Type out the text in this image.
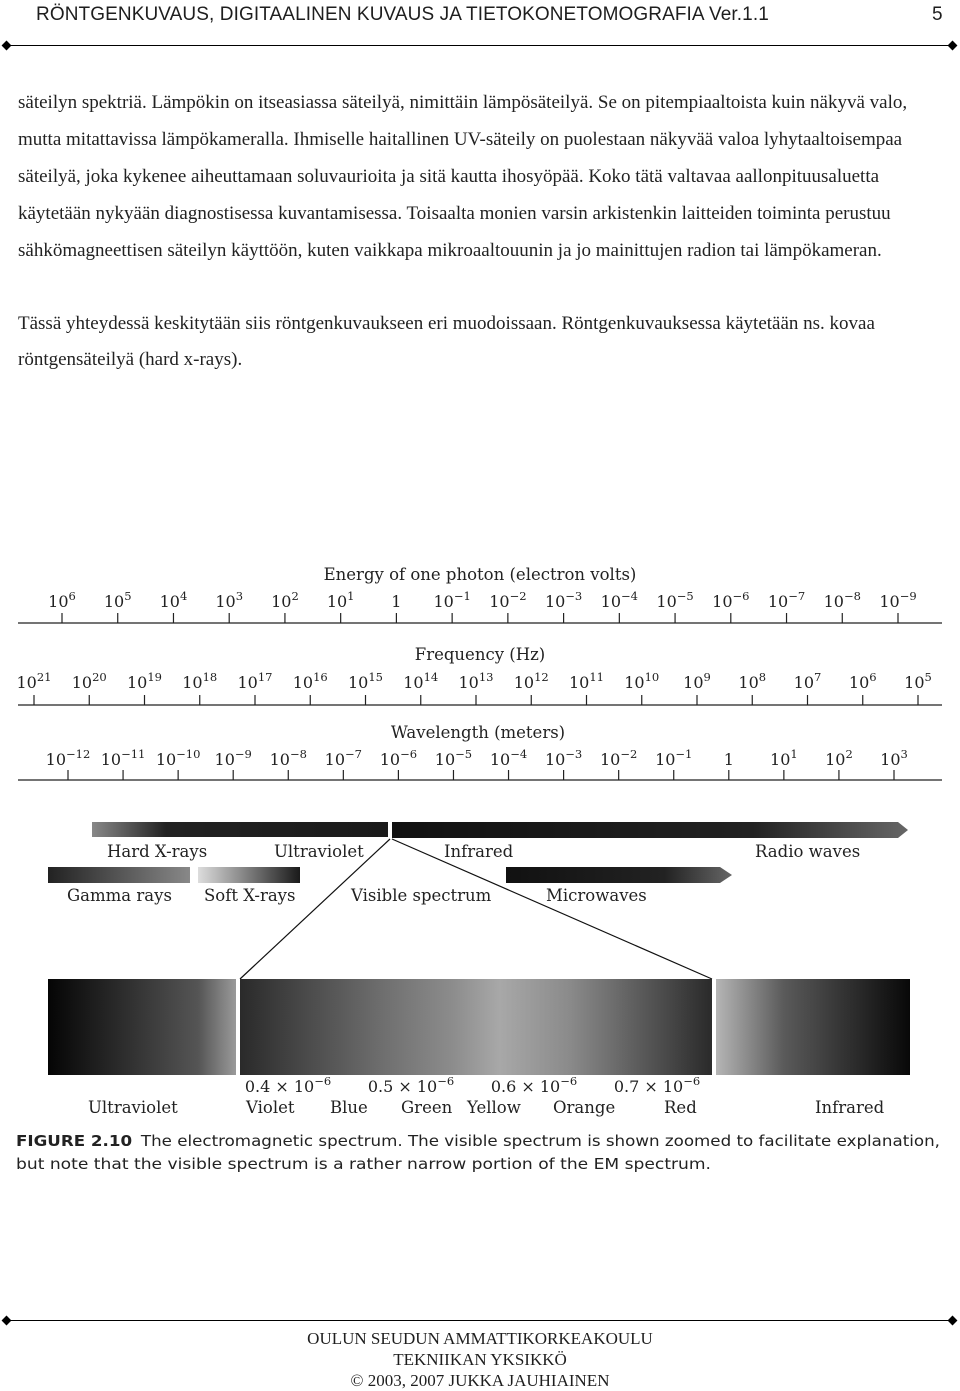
RÖNTGENKUVAUS, DIGITAALINEN KUVAUS JA TIETOKONETOMOGRAFIA Ver.1.1	5

säteilyn spektriä. Lämpökin on itseasiassa säteilyä, nimittäin lämpösäteilyä. Se on pitempiaaltoista kuin näkyvä valo, mutta mitattavissa lämpökameralla. Ihmiselle haitallinen UV-säteily on puolestaan näkyvää valoa lyhytaaltoisempaa säteilyä, joka kykenee aiheuttamaan soluvaurioita ja sitä kautta ihosyöpää. Koko tätä valtavaa aallonpituusaluetta käytetään nykyään diagnostisessa kuvantamisessa. Toisaalta monien varsin arkistenkin laitteiden toiminta perustuu sähkömagneettisen säteilyn käyttöön, kuten vaikkapa mikroaaltouunin ja jo mainittujen radion tai lämpökameran.

Tässä yhteydessä keskitytään siis röntgenkuvaukseen eri muodoissaan. Röntgenkuvauksessa käytetään ns. kovaa röntgensäteilyä (hard x-rays).

Energy of one photon (electron volts)
$10^6$ $10^5$ $10^4$ $10^3$ $10^2$ $10^1$ 1 $10^{-1}$ $10^{-2}$ $10^{-3}$ $10^{-4}$ $10^{-5}$ $10^{-6}$ $10^{-7}$ $10^{-8}$ $10^{-9}$
Frequency (Hz)
$10^{21}$ $10^{20}$ $10^{19}$ $10^{18}$ $10^{17}$ $10^{16}$ $10^{15}$ $10^{14}$ $10^{13}$ $10^{12}$ $10^{11}$ $10^{10}$ $10^9$ $10^8$ $10^7$ $10^6$ $10^5$
Wavelength (meters)
$10^{-12}$ $10^{-11}$ $10^{-10}$ $10^{-9}$ $10^{-8}$ $10^{-7}$ $10^{-6}$ $10^{-5}$ $10^{-4}$ $10^{-3}$ $10^{-2}$ $10^{-1}$ 1 $10^1$ $10^2$ $10^3$
Hard X-rays	Ultraviolet	Infrared	Radio waves
Gamma rays Soft X-rays	Visible spectrum	Microwaves
$0.4 \times 10^{-6}$ $0.5 \times 10^{-6}$ $0.6 \times 10^{-6}$ $0.7 \times 10^{-6}$
Ultraviolet	Violet Blue Green Yellow Orange	Red	Infrared
FIGURE 2.10 The electromagnetic spectrum. The visible spectrum is shown zoomed to facilitate explanation,
but note that the visible spectrum is a rather narrow portion of the EM spectrum.
OULUN SEUDUN AMMATTIKORKEAKOULU
TEKNIIKAN YKSIKKÖ
© 2003, 2007 JUKKA JAUHIAINEN
